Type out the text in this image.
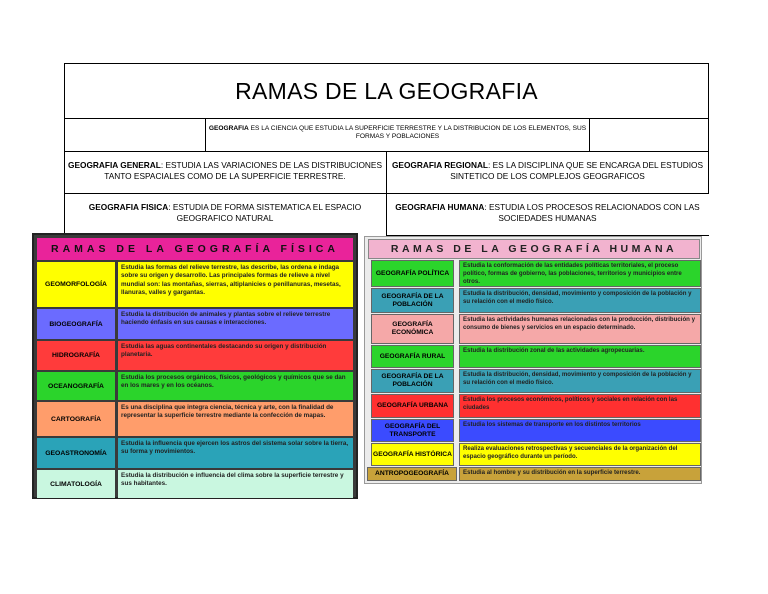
RAMAS DE LA GEOGRAFIA
GEOGRAFIA ES LA CIENCIA QUE ESTUDIA LA SUPERFICIE TERRESTRE Y LA DISTRIBUCION DE LOS ELEMENTOS, SUS FORMAS Y POBLACIONES
GEOGRAFIA GENERAL: ESTUDIA LAS VARIACIONES DE LAS DISTRIBUCIONES TANTO ESPACIALES COMO DE LA SUPERFICIE TERRESTRE.
GEOGRAFIA REGIONAL: ES LA DISCIPLINA QUE SE ENCARGA DEL ESTUDIOS SINTETICO DE LOS COMPLEJOS GEOGRAFICOS
GEOGRAFIA FISICA: ESTUDIA DE FORMA SISTEMATICA EL ESPACIO GEOGRAFICO NATURAL
GEOGRAFIA HUMANA: ESTUDIA LOS PROCESOS RELACIONADOS CON LAS SOCIEDADES HUMANAS
RAMAS DE LA GEOGRAFÍA FÍSICA
GEOMORFOLOGÍA
Estudia las formas del relieve terrestre, las describe, las ordena e indaga sobre su origen y desarrollo. Las principales formas de relieve a nivel mundial son: las montañas, sierras, altiplanicies o penillanuras, mesetas, llanuras, valles y gargantas.
BIOGEOGRAFÍA
Estudia la distribución de animales y plantas sobre el relieve terrestre haciendo énfasis en sus causas e interacciones.
HIDROGRAFÍA
Estudia las aguas continentales destacando su origen y distribución planetaria.
OCEANOGRAFÍA
Estudia los procesos orgánicos, físicos, geológicos y químicos que se dan en los mares y en los océanos.
CARTOGRAFÍA
Es una disciplina que integra ciencia, técnica y arte, con la finalidad de representar la superficie terrestre mediante la confección de mapas.
GEOASTRONOMÍA
Estudia la influencia que ejercen los astros del sistema solar sobre la tierra, su forma y movimientos.
CLIMATOLOGÍA
Estudia la distribución e influencia del clima sobre la superficie terrestre y sus habitantes.
RAMAS DE LA GEOGRAFÍA HUMANA
GEOGRAFÍA POLÍTICA
Estudia la conformación de las entidades políticas territoriales, el proceso político, formas de gobierno, las poblaciones, territorios y municipios entre otros.
GEOGRAFÍA DE LA POBLACIÓN
Estudia la distribución, densidad, movimiento y composición de la población y su relación con el medio físico.
GEOGRAFÍA ECONÓMICA
Estudia las actividades humanas relacionadas con la producción, distribución y consumo de bienes y servicios en un espacio determinado.
GEOGRAFÍA RURAL
Estudia la distribución zonal de las actividades agropecuarias.
GEOGRAFÍA DE LA POBLACIÓN
Estudia la distribución, densidad, movimiento y composición de la población y su relación con el medio físico.
GEOGRAFÍA URBANA
Estudia los procesos económicos, políticos y sociales en relación con las ciudades
GEOGRAFÍA DEL TRANSPORTE
Estudia los sistemas de transporte en los distintos territorios
GEOGRAFÍA HISTÓRICA
Realiza evaluaciones retrospectivas y secuenciales de la organización del espacio geográfico durante un período.
ANTROPOGEOGRAFÍA	Estudia al hombre y su distribución en la superficie terrestre.
